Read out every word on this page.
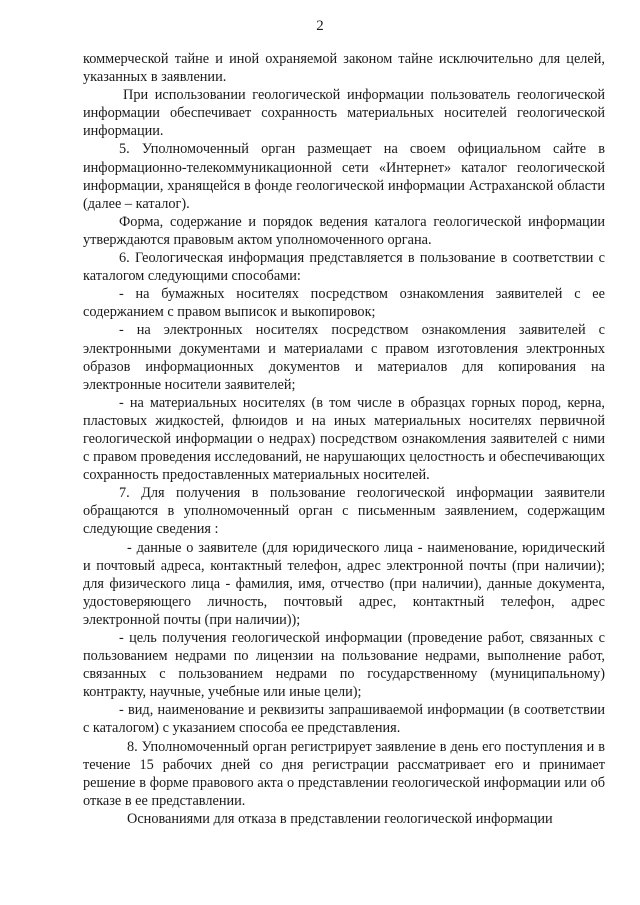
2

коммерческой тайне и иной охраняемой законом тайне исключительно для целей, указанных в заявлении.

При использовании геологической информации пользователь геологической информации обеспечивает сохранность материальных носителей геологической информации.

5. Уполномоченный орган размещает на своем официальном сайте в информационно-телекоммуникационной сети «Интернет» каталог геологической информации, хранящейся в фонде геологической информации Астраханской области (далее – каталог).

Форма, содержание и порядок ведения каталога геологической информации утверждаются правовым актом уполномоченного органа.

6. Геологическая информация представляется в пользование в соответствии с каталогом следующими способами:

- на бумажных носителях посредством ознакомления заявителей с ее содержанием с правом выписок и выкопировок;

- на электронных носителях посредством ознакомления заявителей с электронными документами и материалами с правом изготовления электронных образов информационных документов и материалов для копирования на электронные носители заявителей;

- на материальных носителях (в том числе в образцах горных пород, керна, пластовых жидкостей, флюидов и на иных материальных носителях первичной геологической информации о недрах) посредством ознакомления заявителей с ними с правом проведения исследований, не нарушающих целостность и обеспечивающих сохранность предоставленных материальных носителей.

7. Для получения в пользование геологической информации заявители обращаются в уполномоченный орган с письменным заявлением, содержащим следующие сведения :

- данные о заявителе (для юридического лица - наименование, юридический и почтовый адреса, контактный телефон, адрес электронной почты (при наличии); для физического лица - фамилия, имя, отчество (при наличии), данные документа, удостоверяющего личность, почтовый адрес, контактный телефон, адрес электронной почты (при наличии));

- цель получения геологической информации (проведение работ, связанных с пользованием недрами по лицензии на пользование недрами, выполнение работ, связанных с пользованием недрами по государственному (муниципальному) контракту, научные, учебные или иные цели);

- вид, наименование и реквизиты запрашиваемой информации (в соответствии с каталогом) с указанием способа ее представления.

8. Уполномоченный орган регистрирует заявление в день его поступления и в течение 15 рабочих дней со дня регистрации рассматривает его и принимает решение в форме правового акта о представлении геологической информации или об отказе в ее представлении.

Основаниями для отказа в представлении геологической информации
